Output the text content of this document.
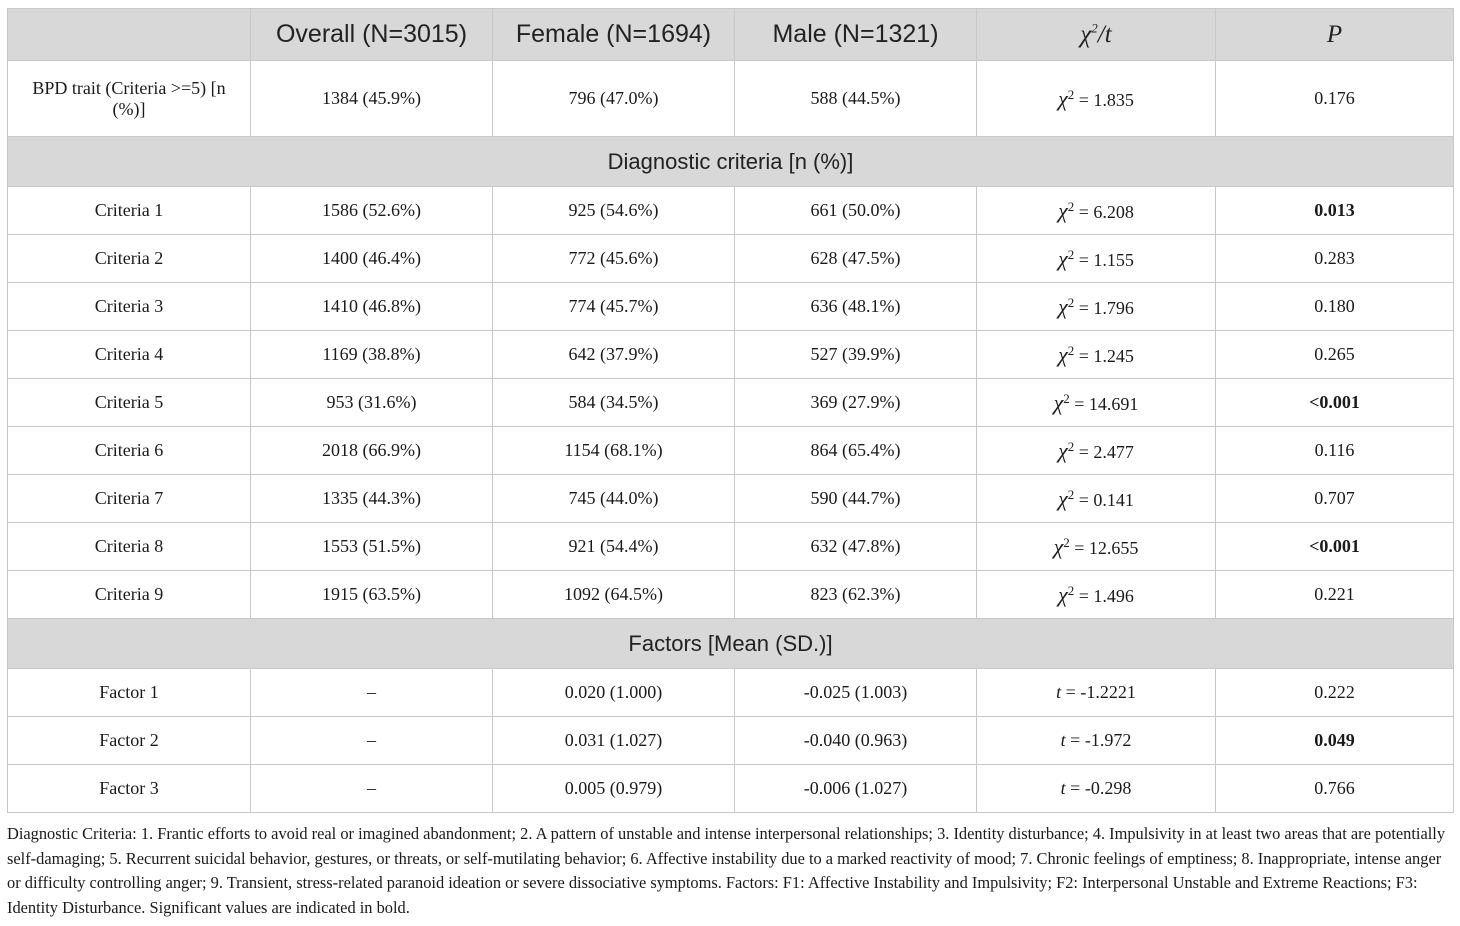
	Overall (N=3015)	Female (N=1694)	Male (N=1321)	$\chi^2/t$	P
BPD trait (Criteria >=5) [n (%)]	1384 (45.9%)	796 (47.0%)	588 (44.5%)	$\chi^2 = 1.835$	0.176
Diagnostic criteria [n (%)]					
Criteria 1	1586 (52.6%)	925 (54.6%)	661 (50.0%)	$\chi^2 = 6.208$	0.013
Criteria 2	1400 (46.4%)	772 (45.6%)	628 (47.5%)	$\chi^2 = 1.155$	0.283
Criteria 3	1410 (46.8%)	774 (45.7%)	636 (48.1%)	$\chi^2 = 1.796$	0.180
Criteria 4	1169 (38.8%)	642 (37.9%)	527 (39.9%)	$\chi^2 = 1.245$	0.265
Criteria 5	953 (31.6%)	584 (34.5%)	369 (27.9%)	$\chi^2 = 14.691$	<0.001
Criteria 6	2018 (66.9%)	1154 (68.1%)	864 (65.4%)	$\chi^2 = 2.477$	0.116
Criteria 7	1335 (44.3%)	745 (44.0%)	590 (44.7%)	$\chi^2 = 0.141$	0.707
Criteria 8	1553 (51.5%)	921 (54.4%)	632 (47.8%)	$\chi^2 = 12.655$	<0.001
Criteria 9	1915 (63.5%)	1092 (64.5%)	823 (62.3%)	$\chi^2 = 1.496$	0.221
Factors [Mean (SD.)]					
Factor 1	–	0.020 (1.000)	-0.025 (1.003)	t = -1.2221	0.222
Factor 2	–	0.031 (1.027)	-0.040 (0.963)	t = -1.972	0.049
Factor 3	–	0.005 (0.979)	-0.006 (1.027)	t = -0.298	0.766

Diagnostic Criteria: 1. Frantic efforts to avoid real or imagined abandonment; 2. A pattern of unstable and intense interpersonal relationships; 3. Identity disturbance; 4. Impulsivity in at least two areas that are potentially self-damaging; 5. Recurrent suicidal behavior, gestures, or threats, or self-mutilating behavior; 6. Affective instability due to a marked reactivity of mood; 7. Chronic feelings of emptiness; 8. Inappropriate, intense anger or difficulty controlling anger; 9. Transient, stress-related paranoid ideation or severe dissociative symptoms. Factors: F1: Affective Instability and Impulsivity; F2: Interpersonal Unstable and Extreme Reactions; F3: Identity Disturbance. Significant values are indicated in bold.
